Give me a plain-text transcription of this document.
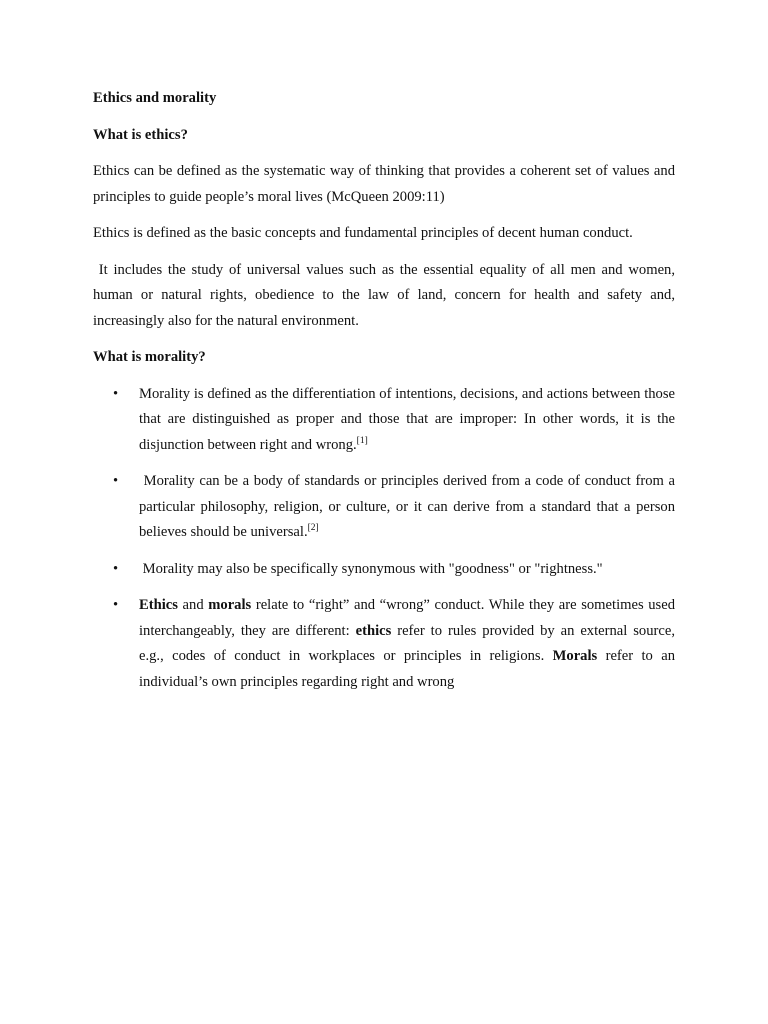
Ethics and morality

What is ethics?

Ethics can be defined as the systematic way of thinking that provides a coherent set of values and principles to guide people’s moral lives (McQueen 2009:11)

Ethics is defined as the basic concepts and fundamental principles of decent human conduct.

It includes the study of universal values such as the essential equality of all men and women, human or natural rights, obedience to the law of land, concern for health and safety and, increasingly also for the natural environment.

What is morality?

• Morality is defined as the differentiation of intentions, decisions, and actions between those that are distinguished as proper and those that are improper: In other words, it is the disjunction between right and wrong.[1]
• Morality can be a body of standards or principles derived from a code of conduct from a particular philosophy, religion, or culture, or it can derive from a standard that a person believes should be universal.[2]
• Morality may also be specifically synonymous with "goodness" or "rightness."
• Ethics and morals relate to “right” and “wrong” conduct. While they are sometimes used interchangeably, they are different: ethics refer to rules provided by an external source, e.g., codes of conduct in workplaces or principles in religions. Morals refer to an individual’s own principles regarding right and wrong
